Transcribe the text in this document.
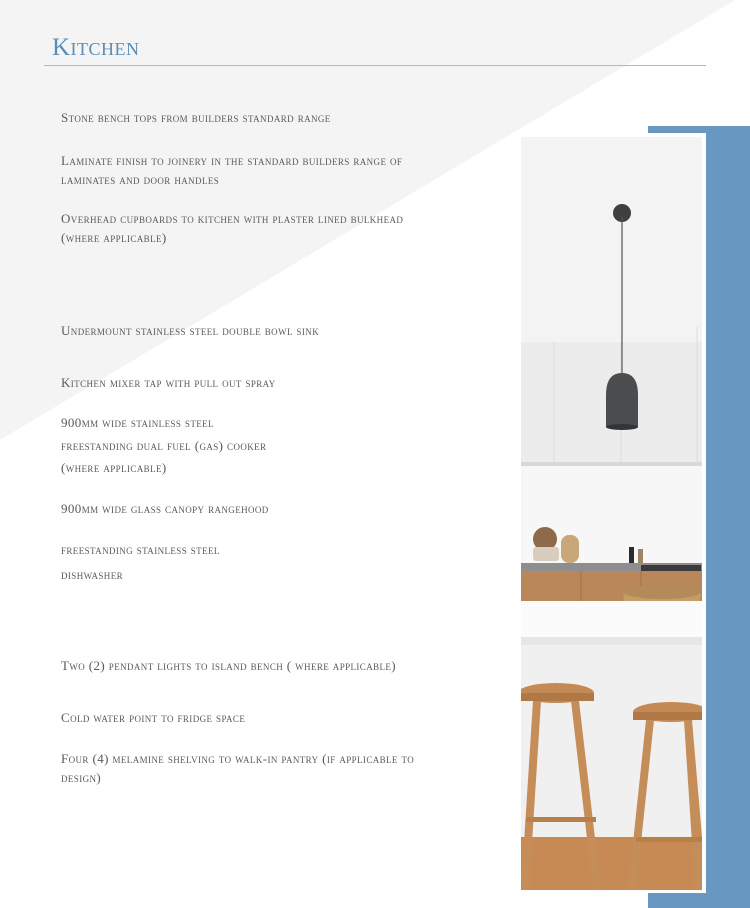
Kitchen
Stone bench tops from builders standard range
Laminate finish to joinery in the standard builders range of laminates and door handles
Overhead cupboards to kitchen with plaster lined bulkhead (where applicable)
Undermount stainless steel double bowl sink
Kitchen mixer tap with pull out spray
900mm wide stainless steel
freestanding dual fuel (gas) cooker
(where applicable)
900mm wide glass canopy rangehood
freestanding stainless steel
dishwasher
Two (2) pendant lights to island bench ( where applicable)
Cold water point to fridge space
Four (4) melamine shelving to walk-in pantry (if applicable to design)
